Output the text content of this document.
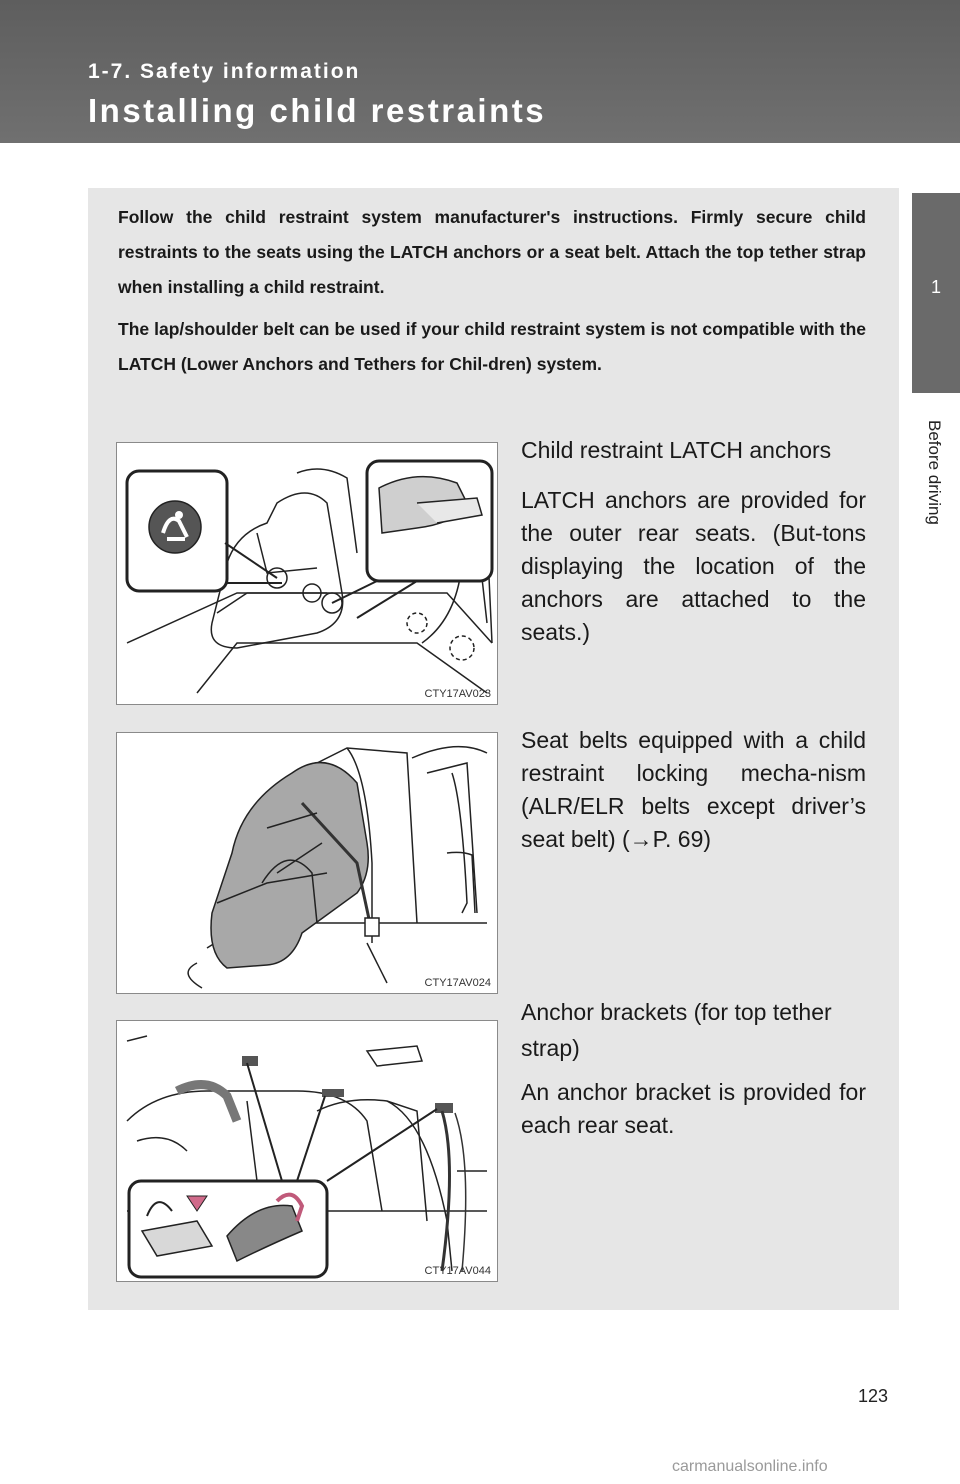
1-7. Safety information
Installing child restraints
1
Before driving
Follow the child restraint system manufacturer's instructions. Firmly secure child restraints to the seats using the LATCH anchors or a seat belt. Attach the top tether strap when installing a child restraint.
The lap/shoulder belt can be used if your child restraint system is not compatible with the LATCH (Lower Anchors and Tethers for Chil-dren) system.
CTY17AV023
Child restraint LATCH anchors
LATCH anchors are provided for the outer rear seats. (But-tons displaying the location of the anchors are attached to the seats.)
CTY17AV024
Seat belts equipped with a child restraint locking mecha-nism (ALR/ELR belts except driver’s seat belt) (→P. 69)
CTY17AV044
Anchor brackets (for top tether strap)
An anchor bracket is provided for each rear seat.
123
carmanualsonline.info
